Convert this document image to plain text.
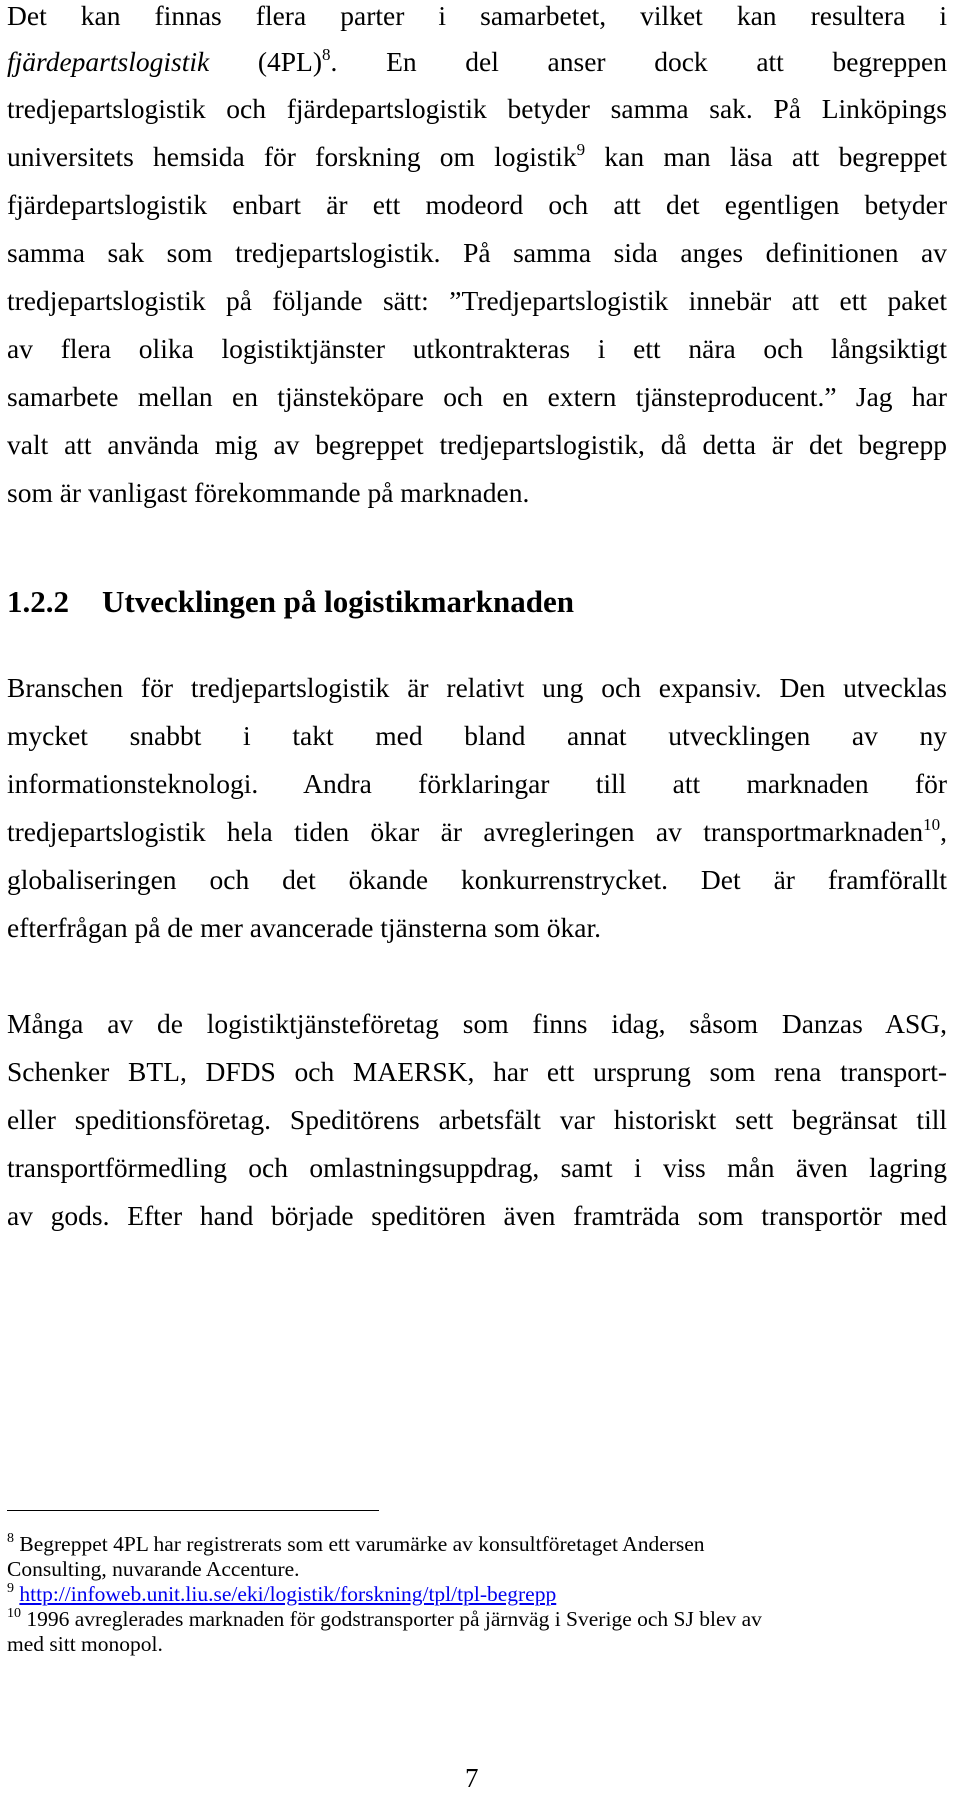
Det kan finnas flera parter i samarbetet, vilket kan resultera i
fjärdepartslogistik $(4PL)^8$. En del anser dock att begreppen
tredjepartslogistik och fjärdepartslogistik betyder samma sak. På Linköpings
universitets hemsida för forskning om logistik$^9$ kan man läsa att begreppet
fjärdepartslogistik enbart är ett modeord och att det egentligen betyder
samma sak som tredjepartslogistik. På samma sida anges definitionen av
tredjepartslogistik på följande sätt: ”Tredjepartslogistik innebär att ett paket
av flera olika logistiktjänster utkontrakteras i ett nära och långsiktigt
samarbete mellan en tjänsteköpare och en extern tjänsteproducent.” Jag har
valt att använda mig av begreppet tredjepartslogistik, då detta är det begrepp
som är vanligast förekommande på marknaden.
1.2.2 Utvecklingen på logistikmarknaden
Branschen för tredjepartslogistik är relativt ung och expansiv. Den utvecklas
mycket snabbt i takt med bland annat utvecklingen av ny
informationsteknologi. Andra förklaringar till att marknaden för
tredjepartslogistik hela tiden ökar är avregleringen av transportmarknaden$^{10}$,
globaliseringen och det ökande konkurrenstrycket. Det är framförallt
efterfrågan på de mer avancerade tjänsterna som ökar.
Många av de logistiktjänsteföretag som finns idag, såsom Danzas ASG,
Schenker BTL, DFDS och MAERSK, har ett ursprung som rena transport-
eller speditionsföretag. Speditörens arbetsfält var historiskt sett begränsat till
transportförmedling och omlastningsuppdrag, samt i viss mån även lagring
av gods. Efter hand började speditören även framträda som transportör med
$^8$ Begreppet 4PL har registrerats som ett varumärke av konsultföretaget Andersen
Consulting, nuvarande Accenture.
$^9$ http://infoweb.unit.liu.se/eki/logistik/forskning/tpl/tpl-begrepp
$^{10}$ 1996 avreglerades marknaden för godstransporter på järnväg i Sverige och SJ blev av
med sitt monopol.
7
